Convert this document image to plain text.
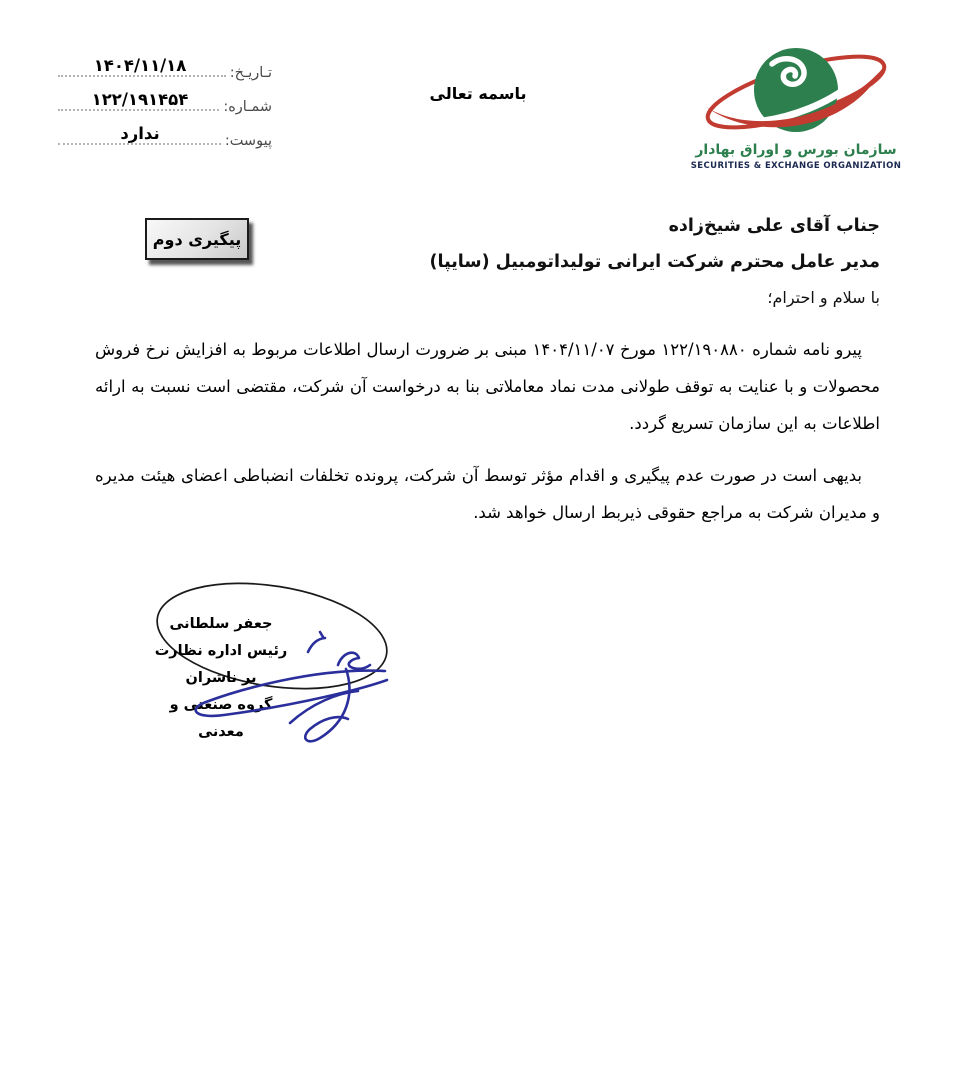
تـاریـخ:
۱۴۰۴/۱۱/۱۸
شمـاره:
۱۲۲/۱۹۱۴۵۴
پیوست:
ندارد
باسمه تعالی
سازمان بورس و اوراق بهادار
SECURITIES & EXCHANGE ORGANIZATION
پیگیری دوم
جناب آقای علی شیخ‌زاده
مدیر عامل محترم شرکت ایرانی تولیداتومبیل (سایپا)
با سلام و احترام؛

پیرو نامه شماره ۱۲۲/۱۹۰۸۸۰ مورخ ۱۴۰۴/۱۱/۰۷ مبنی بر ضرورت ارسال اطلاعات مربوط به افزایش نرخ فروش محصولات و با عنایت به توقف طولانی مدت نماد معاملاتی بنا به درخواست آن شرکت، مقتضی است نسبت به ارائه اطلاعات به این سازمان تسریع گردد.

بدیهی است در صورت عدم پیگیری و اقدام مؤثر توسط آن شرکت، پرونده تخلفات انضباطی اعضای هیئت مدیره و مدیران شرکت به مراجع حقوقی ذیربط ارسال خواهد شد.

جعفر سلطانی
رئیس اداره نظارت بر ناشران
گروه صنعتی و معدنی
